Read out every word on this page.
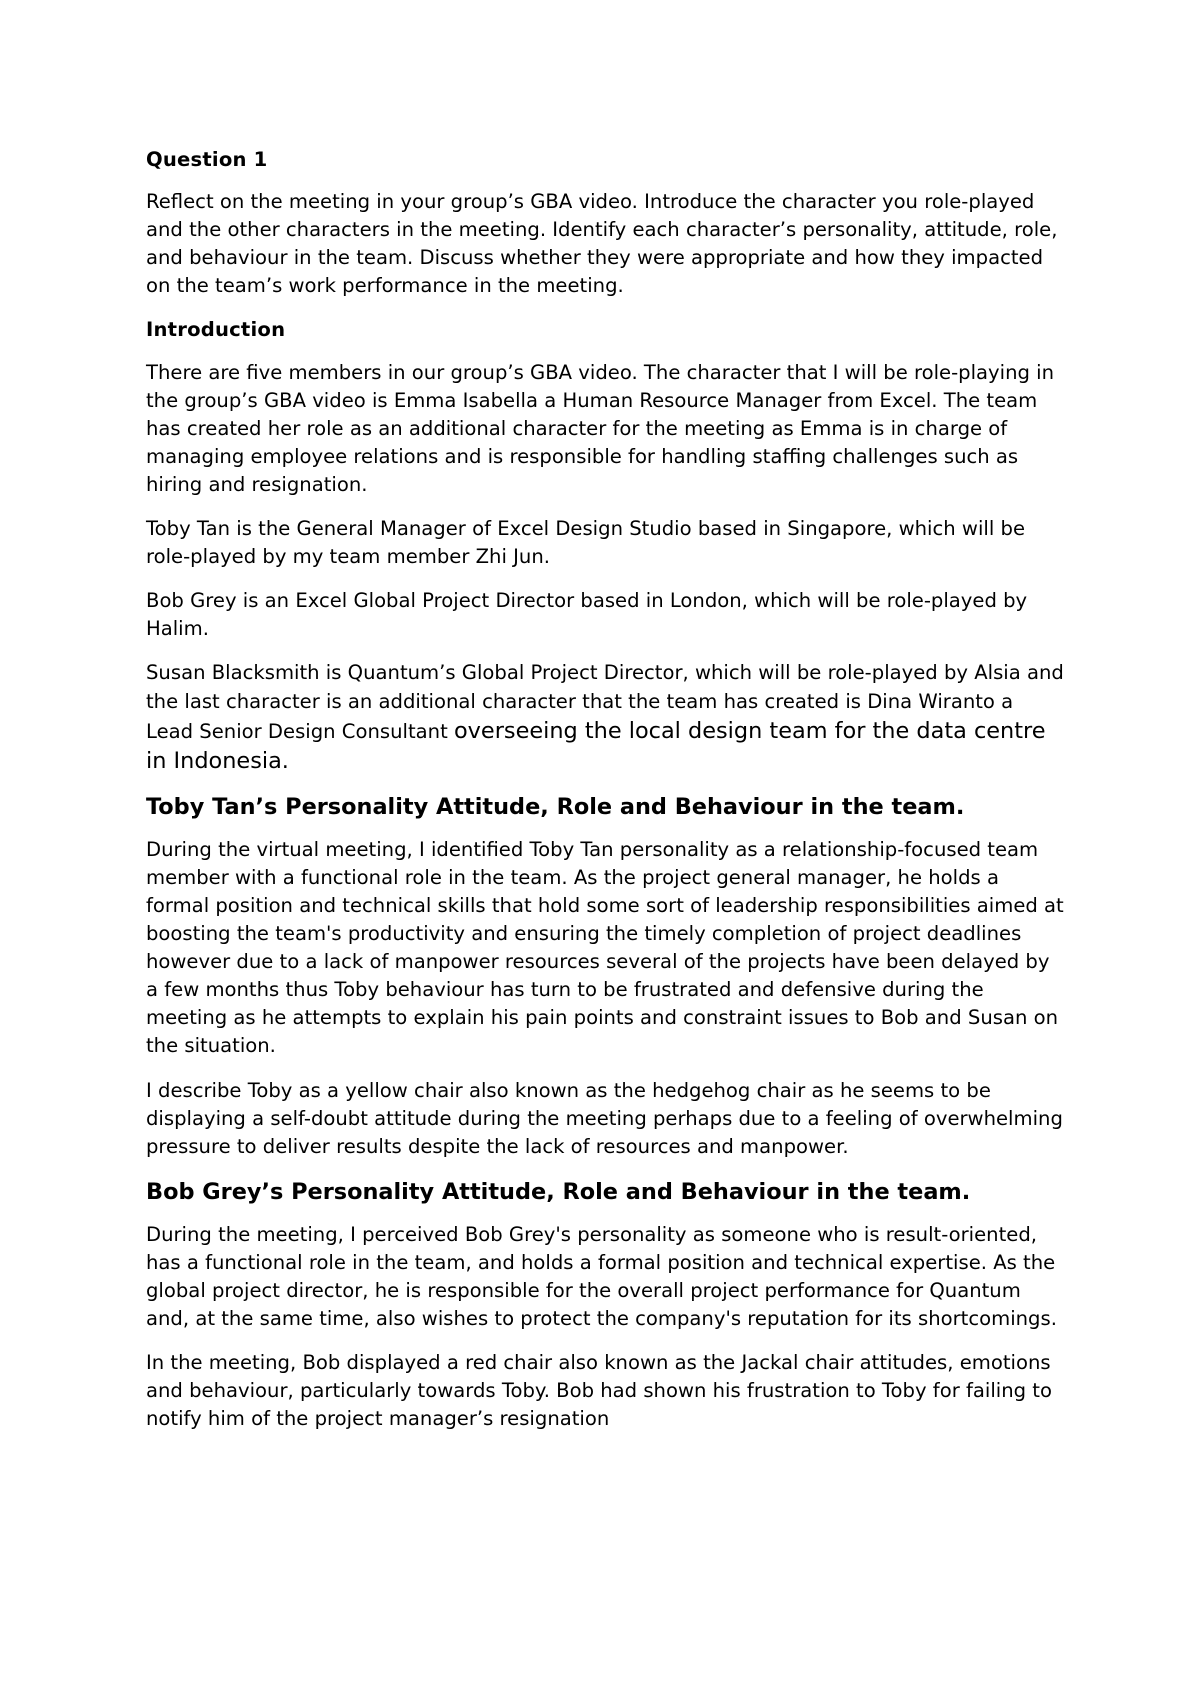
Question 1

Reflect on the meeting in your group’s GBA video. Introduce the character you role-played and the other characters in the meeting. Identify each character’s personality, attitude, role, and behaviour in the team. Discuss whether they were appropriate and how they impacted on the team’s work performance in the meeting.

Introduction

There are five members in our group’s GBA video. The character that I will be role-playing in the group’s GBA video is Emma Isabella a Human Resource Manager from Excel. The team has created her role as an additional character for the meeting as Emma is in charge of managing employee relations and is responsible for handling staffing challenges such as hiring and resignation.

Toby Tan is the General Manager of Excel Design Studio based in Singapore, which will be role-played by my team member Zhi Jun.

Bob Grey is an Excel Global Project Director based in London, which will be role-played by Halim.

Susan Blacksmith is Quantum’s Global Project Director, which will be role-played by Alsia and the last character is an additional character that the team has created is Dina Wiranto a Lead Senior Design Consultant overseeing the local design team for the data centre in Indonesia.

Toby Tan’s Personality Attitude, Role and Behaviour in the team.

During the virtual meeting, I identified Toby Tan personality as a relationship-focused team member with a functional role in the team. As the project general manager, he holds a formal position and technical skills that hold some sort of leadership responsibilities aimed at boosting the team's productivity and ensuring the timely completion of project deadlines however due to a lack of manpower resources several of the projects have been delayed by a few months thus Toby behaviour has turn to be frustrated and defensive during the meeting as he attempts to explain his pain points and constraint issues to Bob and Susan on the situation.

I describe Toby as a yellow chair also known as the hedgehog chair as he seems to be displaying a self-doubt attitude during the meeting perhaps due to a feeling of overwhelming pressure to deliver results despite the lack of resources and manpower.

Bob Grey’s Personality Attitude, Role and Behaviour in the team.

During the meeting, I perceived Bob Grey's personality as someone who is result-oriented, has a functional role in the team, and holds a formal position and technical expertise. As the global project director, he is responsible for the overall project performance for Quantum and, at the same time, also wishes to protect the company's reputation for its shortcomings.

In the meeting, Bob displayed a red chair also known as the Jackal chair attitudes, emotions and behaviour, particularly towards Toby. Bob had shown his frustration to Toby for failing to notify him of the project manager’s resignation
